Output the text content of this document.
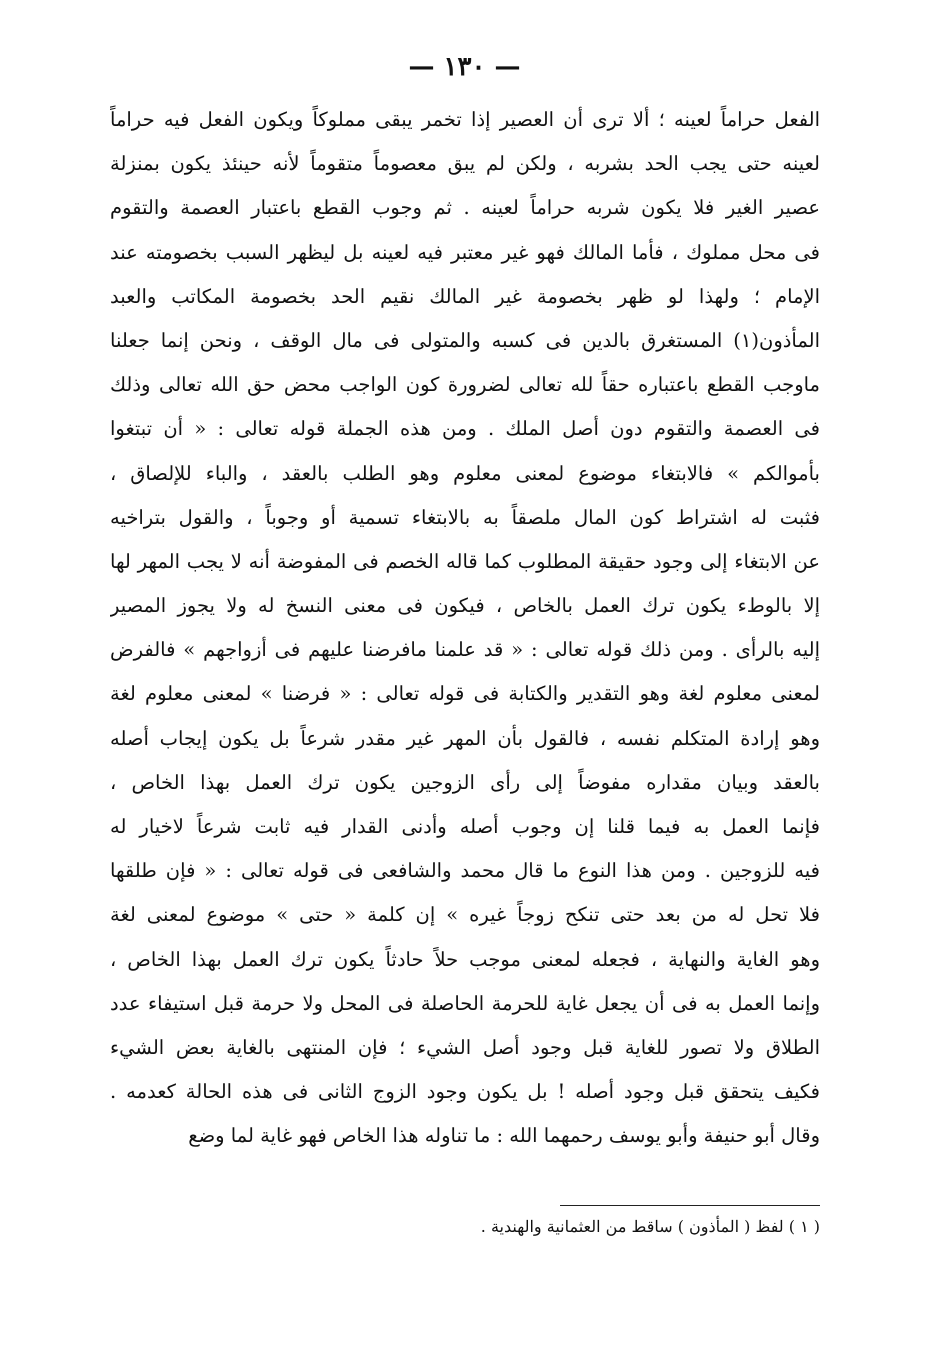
— ١٣٠ —
الفعل حراماً لعينه ؛ ألا ترى أن العصير إذا تخمر يبقى مملوكاً ويكون الفعل فيه حراماً
لعينه حتى يجب الحد بشربه ، ولكن لم يبق معصوماً متقوماً لأنه حينئذ يكون بمنزلة
عصير الغير فلا يكون شربه حراماً لعينه . ثم وجوب القطع باعتبار العصمة والتقوم
فى محل مملوك ، فأما المالك فهو غير معتبر فيه لعينه بل ليظهر السبب بخصومته عند
الإمام ؛ ولهذا لو ظهر بخصومة غير المالك نقيم الحد بخصومة المكاتب والعبد
المأذون(١) المستغرق بالدين فى كسبه والمتولى فى مال الوقف ، ونحن إنما جعلنا
ماوجب القطع باعتباره حقاً لله تعالى لضرورة كون الواجب محض حق الله تعالى وذلك
فى العصمة والتقوم دون أصل الملك . ومن هذه الجملة قوله تعالى : « أن تبتغوا
بأموالكم » فالابتغاء موضوع لمعنى معلوم وهو الطلب بالعقد ، والباء للإلصاق ،
فثبت له اشتراط كون المال ملصقاً به بالابتغاء تسمية أو وجوباً ، والقول بتراخيه
عن الابتغاء إلى وجود حقيقة المطلوب كما قاله الخصم فى المفوضة أنه لا يجب المهر لها
إلا بالوطء يكون ترك العمل بالخاص ، فيكون فى معنى النسخ له ولا يجوز المصير
إليه بالرأى . ومن ذلك قوله تعالى : « قد علمنا مافرضنا عليهم فى أزواجهم » فالفرض
لمعنى معلوم لغة وهو التقدير والكتابة فى قوله تعالى : « فرضنا » لمعنى معلوم لغة
وهو إرادة المتكلم نفسه ، فالقول بأن المهر غير مقدر شرعاً بل يكون إيجاب أصله
بالعقد وبيان مقداره مفوضاً إلى رأى الزوجين يكون ترك العمل بهذا الخاص ،
فإنما العمل به فيما قلنا إن وجوب أصله وأدنى القدار فيه ثابت شرعاً لاخيار له
فيه للزوجين . ومن هذا النوع ما قال محمد والشافعى فى قوله تعالى : « فإن طلقها
فلا تحل له من بعد حتى تنكح زوجاً غيره » إن كلمة « حتى » موضوع لمعنى لغة
وهو الغاية والنهاية ، فجعله لمعنى موجب حلاً حادثاً يكون ترك العمل بهذا الخاص ،
وإنما العمل به فى أن يجعل غاية للحرمة الحاصلة فى المحل ولا حرمة قبل استيفاء عدد
الطلاق ولا تصور للغاية قبل وجود أصل الشيء ؛ فإن المنتهى بالغاية بعض الشيء
فكيف يتحقق قبل وجود أصله ! بل يكون وجود الزوج الثانى فى هذه الحالة كعدمه .
وقال أبو حنيفة وأبو يوسف رحمهما الله : ما تناوله هذا الخاص فهو غاية لما وضع
( ١ ) لفظ ( المأذون ) ساقط من العثمانية والهندية .
